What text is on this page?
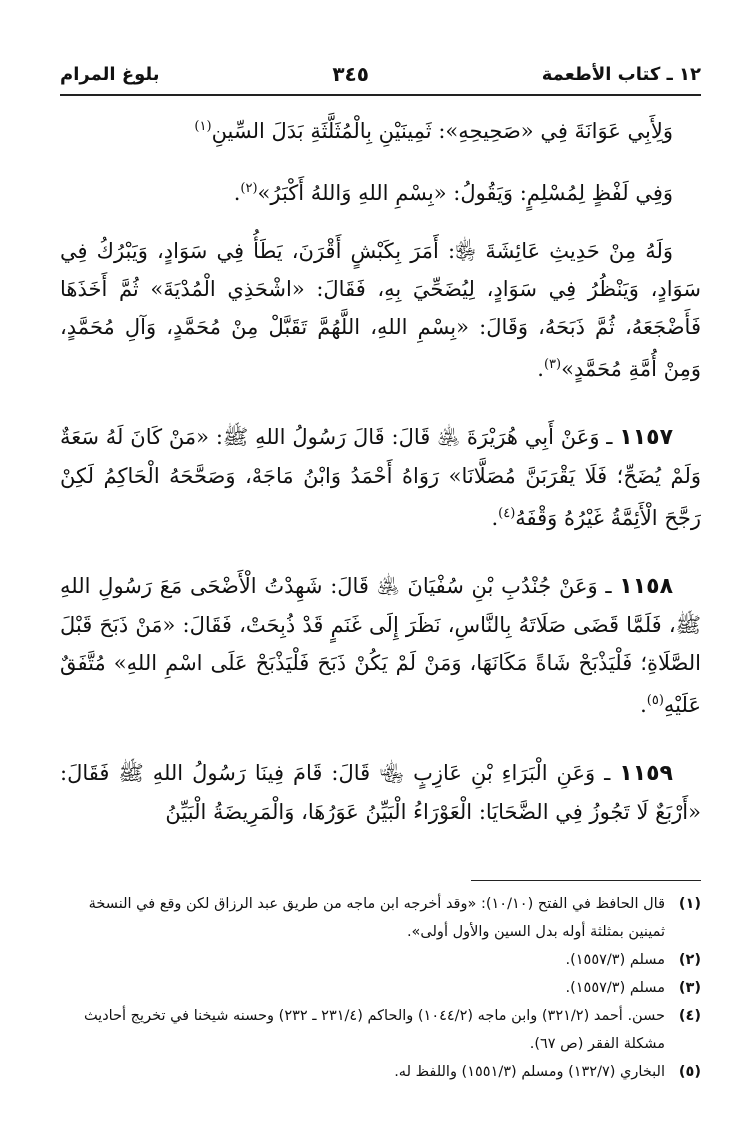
١٢ ـ كتاب الأطعمة
٣٤٥
بلوغ المرام

وَلِأَبِي عَوَانَةَ فِي «صَحِيحِهِ»: ثَمِينَيْنِ بِالْمُثَلَّثَةِ بَدَلَ السِّينِ$^{(١)}$

وَفِي لَفْظٍ لِمُسْلِمٍ: وَيَقُولُ: «بِسْمِ اللهِ وَاللهُ أَكْبَرُ»$^{(٢)}$.

وَلَهُ مِنْ حَدِيثِ عَائِشَةَ ﵂: أَمَرَ بِكَبْشٍ أَقْرَنَ، يَطَأُ فِي سَوَادٍ، وَيَبْرُكُ فِي سَوَادٍ، وَيَنْظُرُ فِي سَوَادٍ، لِيُضَحِّيَ بِهِ، فَقَالَ: «اشْحَذِي الْمُدْيَةَ» ثُمَّ أَخَذَهَا فَأَضْجَعَهُ، ثُمَّ ذَبَحَهُ، وَقَالَ: «بِسْمِ اللهِ، اللَّهُمَّ تَقَبَّلْ مِنْ مُحَمَّدٍ، وَآلِ مُحَمَّدٍ، وَمِنْ أُمَّةِ مُحَمَّدٍ»$^{(٣)}$.

١١٥٧ ـ وَعَنْ أَبِي هُرَيْرَةَ ﵁ قَالَ: قَالَ رَسُولُ اللهِ ﷺ: «مَنْ كَانَ لَهُ سَعَةٌ وَلَمْ يُضَحِّ؛ فَلَا يَقْرَبَنَّ مُصَلَّانَا» رَوَاهُ أَحْمَدُ وَابْنُ مَاجَهْ، وَصَحَّحَهُ الْحَاكِمُ لَكِنْ رَجَّحَ الْأَئِمَّةُ غَيْرُهُ وَقْفَهُ$^{(٤)}$.

١١٥٨ ـ وَعَنْ جُنْدُبِ بْنِ سُفْيَانَ ﵁ قَالَ: شَهِدْتُ الْأَضْحَى مَعَ رَسُولِ اللهِ ﷺ، فَلَمَّا قَضَى صَلَاتَهُ بِالنَّاسِ، نَظَرَ إِلَى غَنَمٍ قَدْ ذُبِحَتْ، فَقَالَ: «مَنْ ذَبَحَ قَبْلَ الصَّلَاةِ؛ فَلْيَذْبَحْ شَاةً مَكَانَهَا، وَمَنْ لَمْ يَكُنْ ذَبَحَ فَلْيَذْبَحْ عَلَى اسْمِ اللهِ» مُتَّفَقٌ عَلَيْهِ$^{(٥)}$.

١١٥٩ ـ وَعَنِ الْبَرَاءِ بْنِ عَازِبٍ ﵄ قَالَ: قَامَ فِينَا رَسُولُ اللهِ ﷺ فَقَالَ: «أَرْبَعٌ لَا تَجُوزُ فِي الضَّحَايَا: الْعَوْرَاءُ الْبَيِّنُ عَوَرُهَا، وَالْمَرِيضَةُ الْبَيِّنُ

(١)
قال الحافظ في الفتح (١٠/١٠): «وقد أخرجه ابن ماجه من طريق عبد الرزاق لكن وقع في النسخة ثمينين بمثلثة أوله بدل السين والأول أولى».
(٢)
مسلم (١٥٥٧/٣).
(٣)
مسلم (١٥٥٧/٣).
(٤)
حسن. أحمد (٣٢١/٢) وابن ماجه (١٠٤٤/٢) والحاكم (٢٣١/٤ ـ ٢٣٢) وحسنه شيخنا في تخريج أحاديث مشكلة الفقر (ص ٦٧).
(٥)
البخاري (١٣٢/٧) ومسلم (١٥٥١/٣) واللفظ له.
